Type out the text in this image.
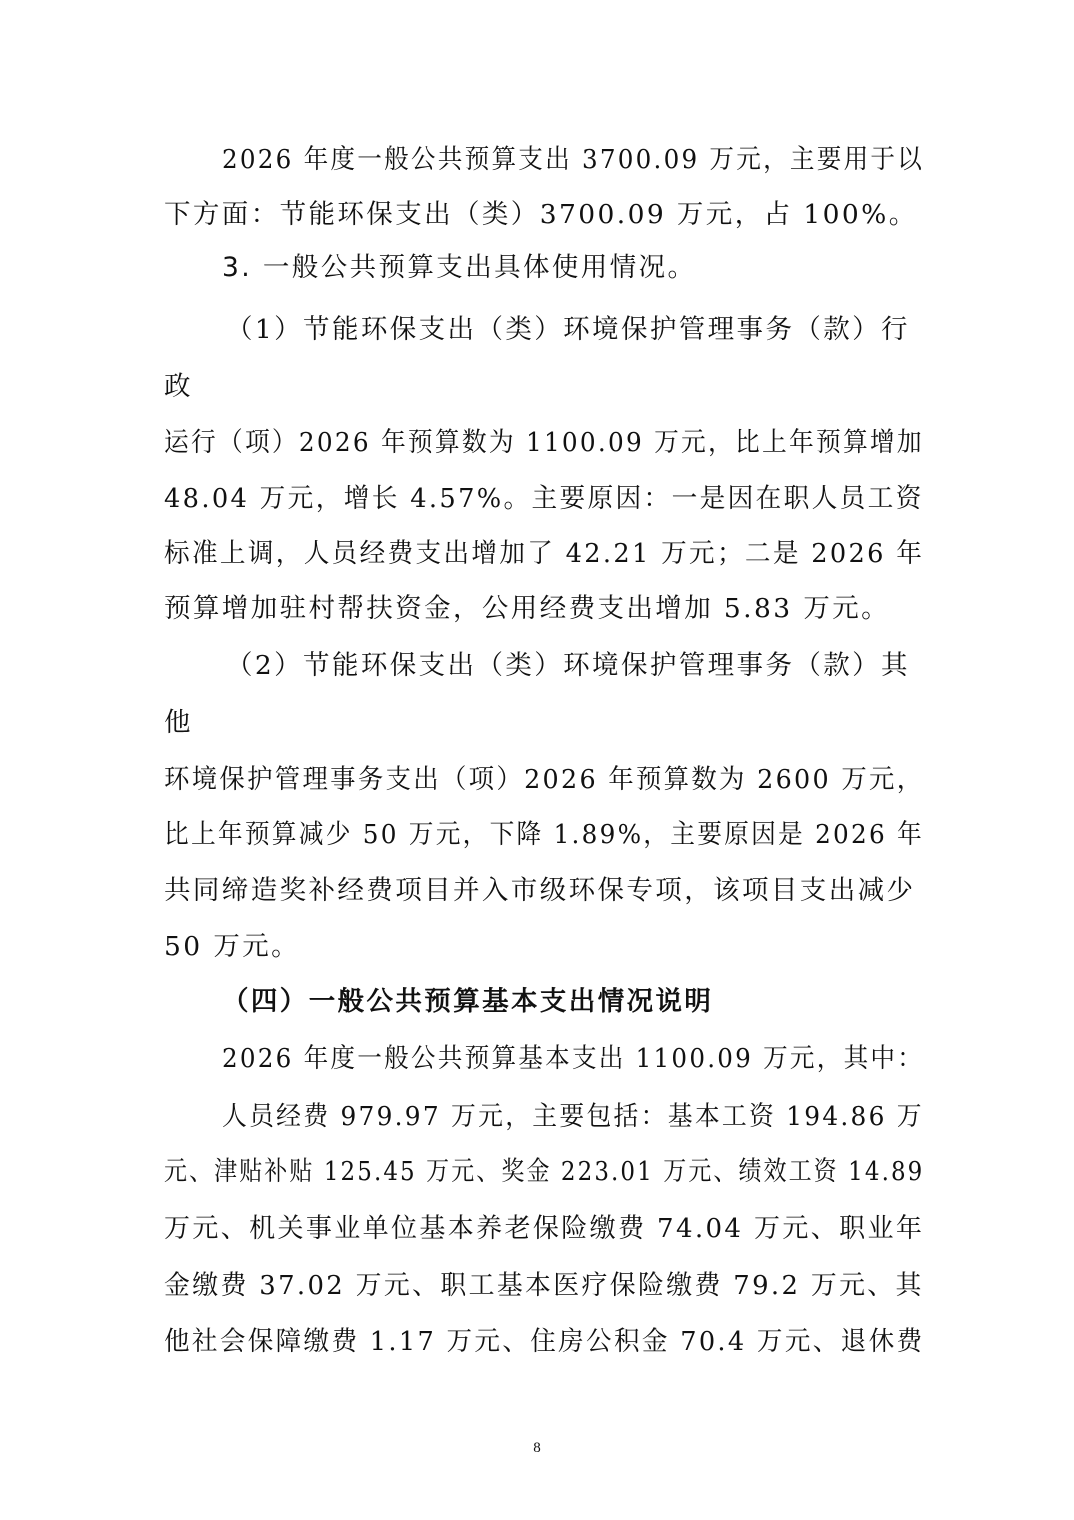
2026 年度一般公共预算支出 3700.09 万元，主要用于以
下方面：节能环保支出（类）3700.09 万元，占 100%。
3. 一般公共预算支出具体使用情况。
（1）节能环保支出（类）环境保护管理事务（款）行
政
运行（项）2026 年预算数为 1100.09 万元，比上年预算增加
48.04 万元，增长 4.57%。主要原因：一是因在职人员工资
标准上调，人员经费支出增加了 42.21 万元；二是 2026 年
预算增加驻村帮扶资金，公用经费支出增加 5.83 万元。
（2）节能环保支出（类）环境保护管理事务（款）其
他
环境保护管理事务支出（项）2026 年预算数为 2600 万元，
比上年预算减少 50 万元，下降 1.89%，主要原因是 2026 年
共同缔造奖补经费项目并入市级环保专项，该项目支出减少
50 万元。
（四）一般公共预算基本支出情况说明
2026 年度一般公共预算基本支出 1100.09 万元，其中：
人员经费 979.97 万元，主要包括：基本工资 194.86 万
元、津贴补贴 125.45 万元、奖金 223.01 万元、绩效工资 14.89
万元、机关事业单位基本养老保险缴费 74.04 万元、职业年
金缴费 37.02 万元、职工基本医疗保险缴费 79.2 万元、其
他社会保障缴费 1.17 万元、住房公积金 70.4 万元、退休费
8
